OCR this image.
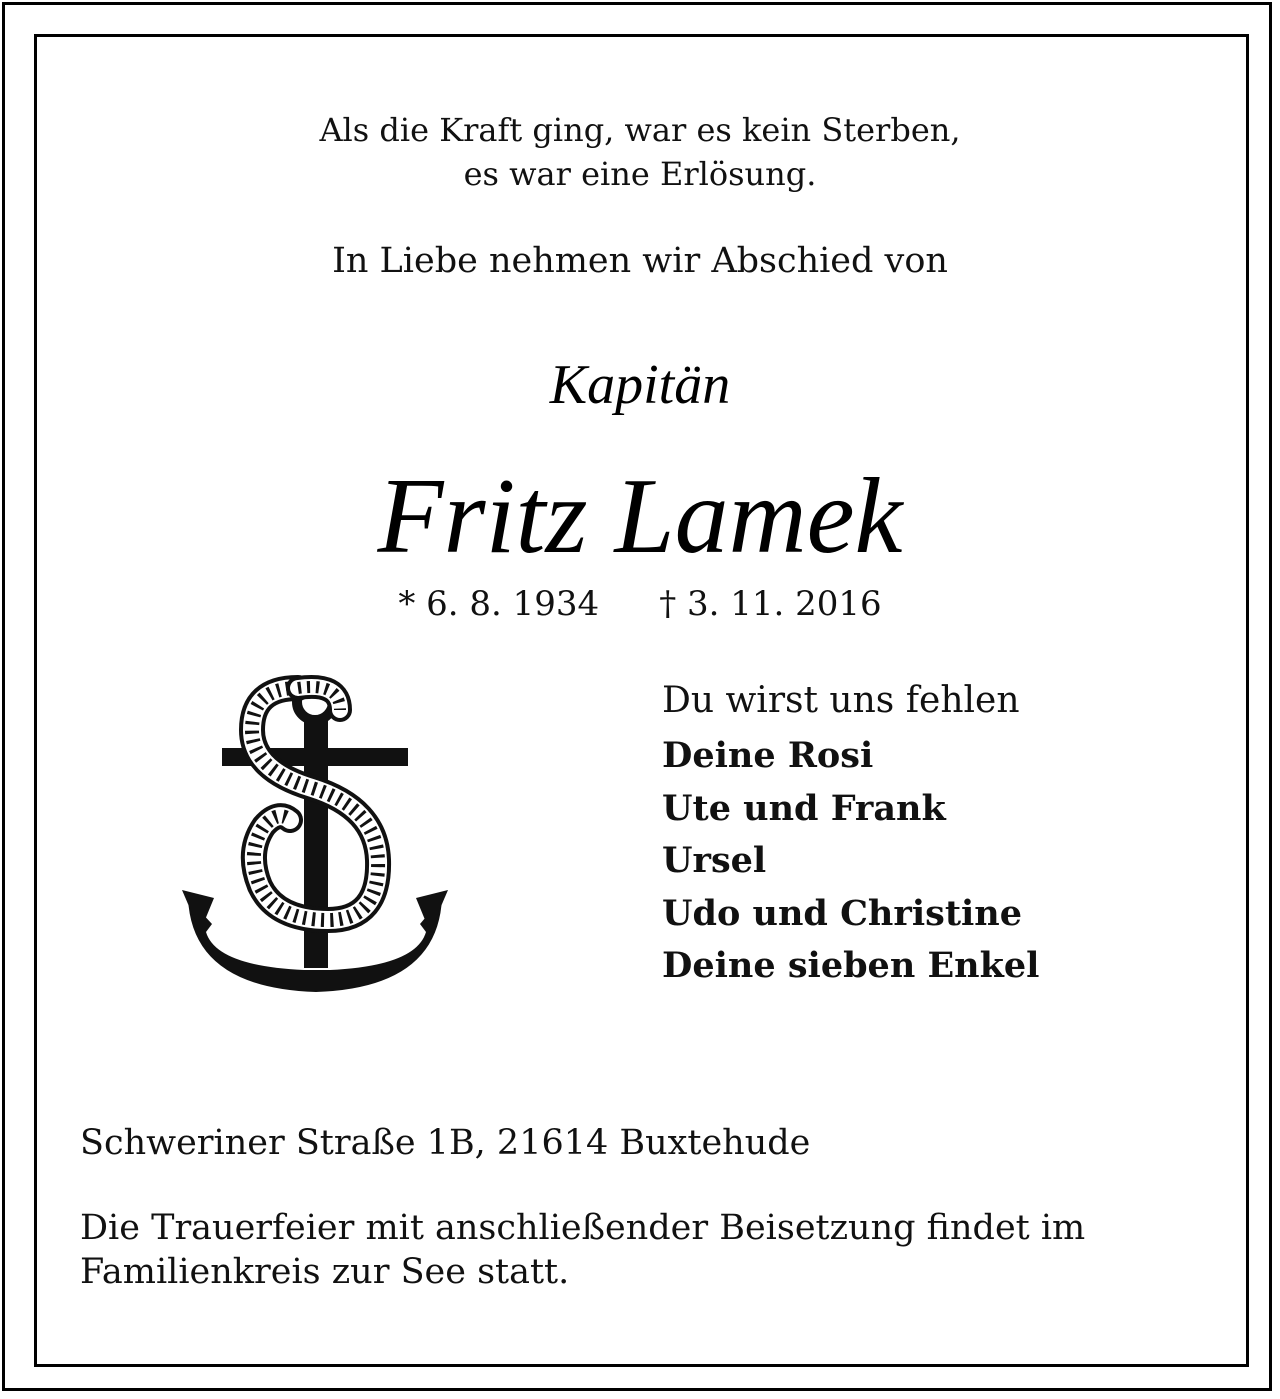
Als die Kraft ging, war es kein Sterben,
es war eine Erlösung.
In Liebe nehmen wir Abschied von
Kapitän
Fritz Lamek
* 6. 8. 1934 † 3. 11. 2016
Du wirst uns fehlen
Deine Rosi
Ute und Frank
Ursel
Udo und Christine
Deine sieben Enkel
Schweriner Straße 1B, 21614 Buxtehude
Die Trauerfeier mit anschließender Beisetzung findet im
Familienkreis zur See statt.
